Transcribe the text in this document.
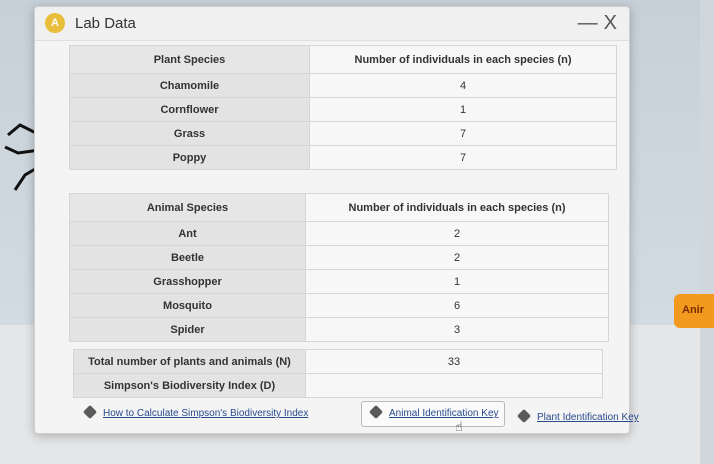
Anir
A	Lab Data	— X
Plant Species	Number of individuals in each species (n)
Chamomile	4
Cornflower	1
Grass	7
Poppy	7
Animal Species	Number of individuals in each species (n)
Ant	2
Beetle	2
Grasshopper	1
Mosquito	6
Spider	3
Total number of plants and animals (N)	33
Simpson's Biodiversity Index (D)	
How to Calculate Simpson's Biodiversity Index	Animal Identification Key
☝
Plant Identification Key
